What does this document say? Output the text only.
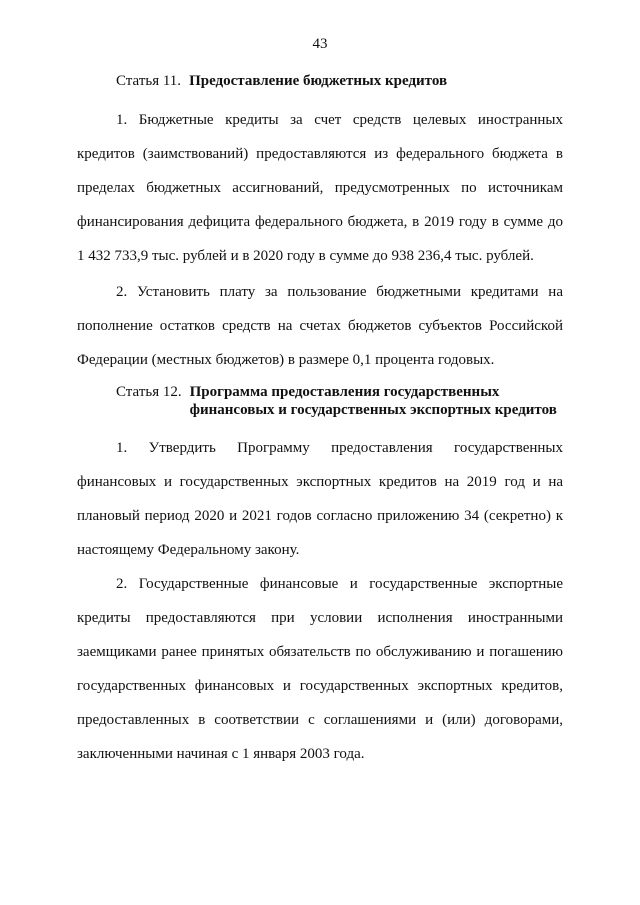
43
Статья 11. Предоставление бюджетных кредитов

1. Бюджетные кредиты за счет средств целевых иностранных кредитов (заимствований) предоставляются из федерального бюджета в пределах бюджетных ассигнований, предусмотренных по источникам финансирования дефицита федерального бюджета, в 2019 году в сумме до 1 432 733,9 тыс. рублей и в 2020 году в сумме до 938 236,4 тыс. рублей.

2. Установить плату за пользование бюджетными кредитами на пополнение остатков средств на счетах бюджетов субъектов Российской Федерации (местных бюджетов) в размере 0,1 процента годовых.

Статья 12. Программа предоставления государственных
финансовых и государственных экспортных кредитов

1. Утвердить Программу предоставления государственных финансовых и государственных экспортных кредитов на 2019 год и на плановый период 2020 и 2021 годов согласно приложению 34 (секретно) к настоящему Федеральному закону.

2. Государственные финансовые и государственные экспортные кредиты предоставляются при условии исполнения иностранными заемщиками ранее принятых обязательств по обслуживанию и погашению государственных финансовых и государственных экспортных кредитов, предоставленных в соответствии с соглашениями и (или) договорами, заключенными начиная с 1 января 2003 года.
